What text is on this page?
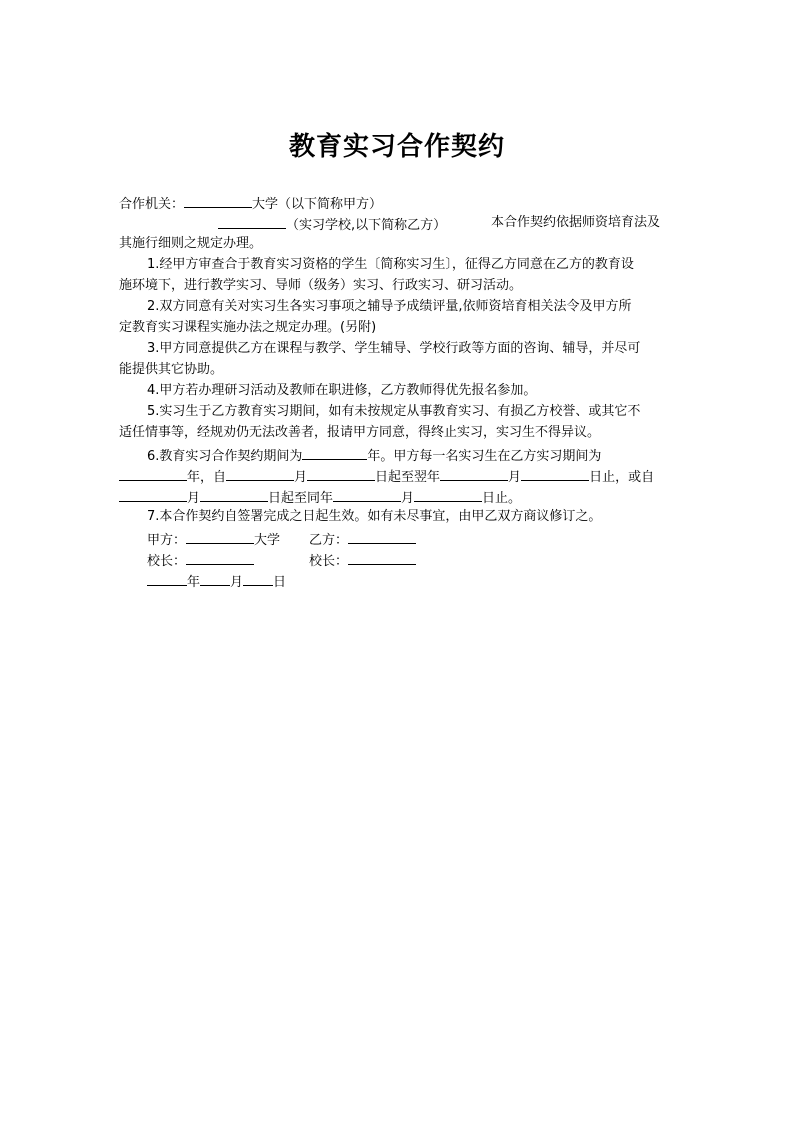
教育实习合作契约
合作机关：	大学（以下简称甲方）
（实习学校,以下简称乙方）	本合作契约依据师资培育法及
其施行细则之规定办理。
1.经甲方审查合于教育实习资格的学生〔简称实习生〕，征得乙方同意在乙方的教育设
施环境下，进行教学实习、导师（级务）实习、行政实习、研习活动。
2.双方同意有关对实习生各实习事项之辅导予成绩评量,依师资培育相关法令及甲方所
定教育实习课程实施办法之规定办理。(另附)
3.甲方同意提供乙方在课程与教学、学生辅导、学校行政等方面的咨询、辅导，并尽可
能提供其它协助。
4.甲方若办理研习活动及教师在职进修，乙方教师得优先报名参加。
5.实习生于乙方教育实习期间，如有未按规定从事教育实习、有损乙方校誉、或其它不
适任情事等，经规劝仍无法改善者，报请甲方同意，得终止实习，实习生不得异议。
6.教育实习合作契约期间为	年。甲方每一名实习生在乙方实习期间为
年，自	月	日起至翌年	月	日止，或自
月	日起至同年	月	日止。
7.本合作契约自签署完成之日起生效。如有未尽事宜，由甲乙双方商议修订之。
甲方：	大学 乙方：
校长：	校长：
年 月 日
